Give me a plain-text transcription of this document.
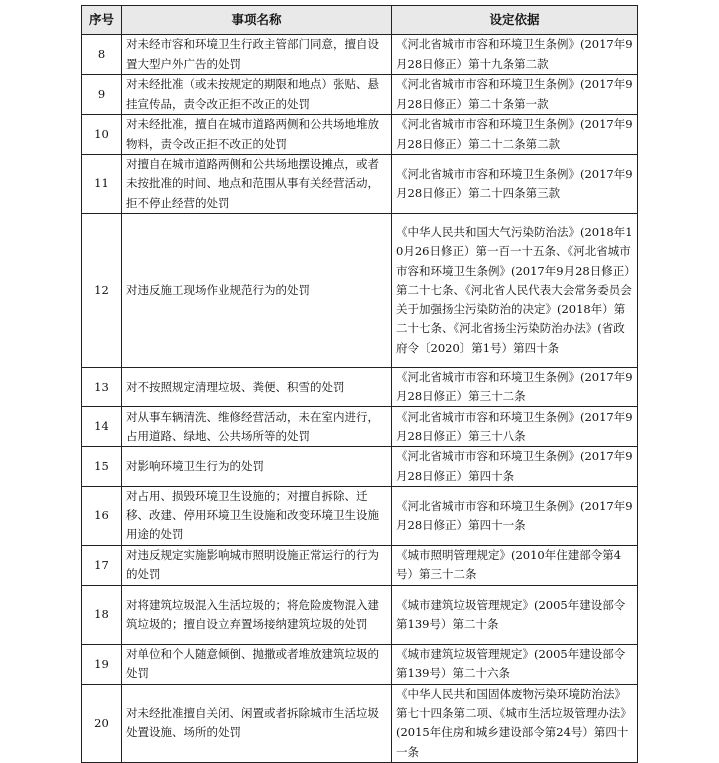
序号	事项名称	设定依据
8	对未经市容和环境卫生行政主管部门同意，擅自设置大型户外广告的处罚	《河北省城市市容和环境卫生条例》(2017年9月28日修正）第十九条第二款
9	对未经批准（或未按规定的期限和地点）张贴、悬挂宣传品，责令改正拒不改正的处罚	《河北省城市市容和环境卫生条例》(2017年9月28日修正）第二十条第一款
10	对未经批准，擅自在城市道路两侧和公共场地堆放物料，责令改正拒不改正的处罚	《河北省城市市容和环境卫生条例》(2017年9月28日修正）第二十二条第二款
11	对擅自在城市道路两侧和公共场地摆设摊点，或者未按批准的时间、地点和范围从事有关经营活动，拒不停止经营的处罚	《河北省城市市容和环境卫生条例》(2017年9月28日修正）第二十四条第三款
12	对违反施工现场作业规范行为的处罚	《中华人民共和国大气污染防治法》(2018年10月26日修正）第一百一十五条、《河北省城市市容和环境卫生条例》(2017年9月28日修正）第二十七条、《河北省人民代表大会常务委员会关于加强扬尘污染防治的决定》(2018年）第二十七条、《河北省扬尘污染防治办法》(省政府令〔2020〕第1号）第四十条
13	对不按照规定清理垃圾、粪便、积雪的处罚	《河北省城市市容和环境卫生条例》(2017年9月28日修正）第三十二条
14	对从事车辆清洗、维修经营活动，未在室内进行，占用道路、绿地、公共场所等的处罚	《河北省城市市容和环境卫生条例》(2017年9月28日修正）第三十八条
15	对影响环境卫生行为的处罚	《河北省城市市容和环境卫生条例》(2017年9月28日修正）第四十条
16	对占用、损毁环境卫生设施的；对擅自拆除、迁移、改建、停用环境卫生设施和改变环境卫生设施用途的处罚	《河北省城市市容和环境卫生条例》(2017年9月28日修正）第四十一条
17	对违反规定实施影响城市照明设施正常运行的行为的处罚	《城市照明管理规定》(2010年住建部令第4号）第三十二条
18	对将建筑垃圾混入生活垃圾的；将危险废物混入建筑垃圾的；擅自设立弃置场接纳建筑垃圾的处罚	《城市建筑垃圾管理规定》(2005年建设部令第139号）第二十条
19	对单位和个人随意倾倒、抛撒或者堆放建筑垃圾的处罚	《城市建筑垃圾管理规定》(2005年建设部令第139号）第二十六条
20	对未经批准擅自关闭、闲置或者拆除城市生活垃圾处置设施、场所的处罚	《中华人民共和国固体废物污染环境防治法》第七十四条第二项、《城市生活垃圾管理办法》(2015年住房和城乡建设部令第24号）第四十一条
